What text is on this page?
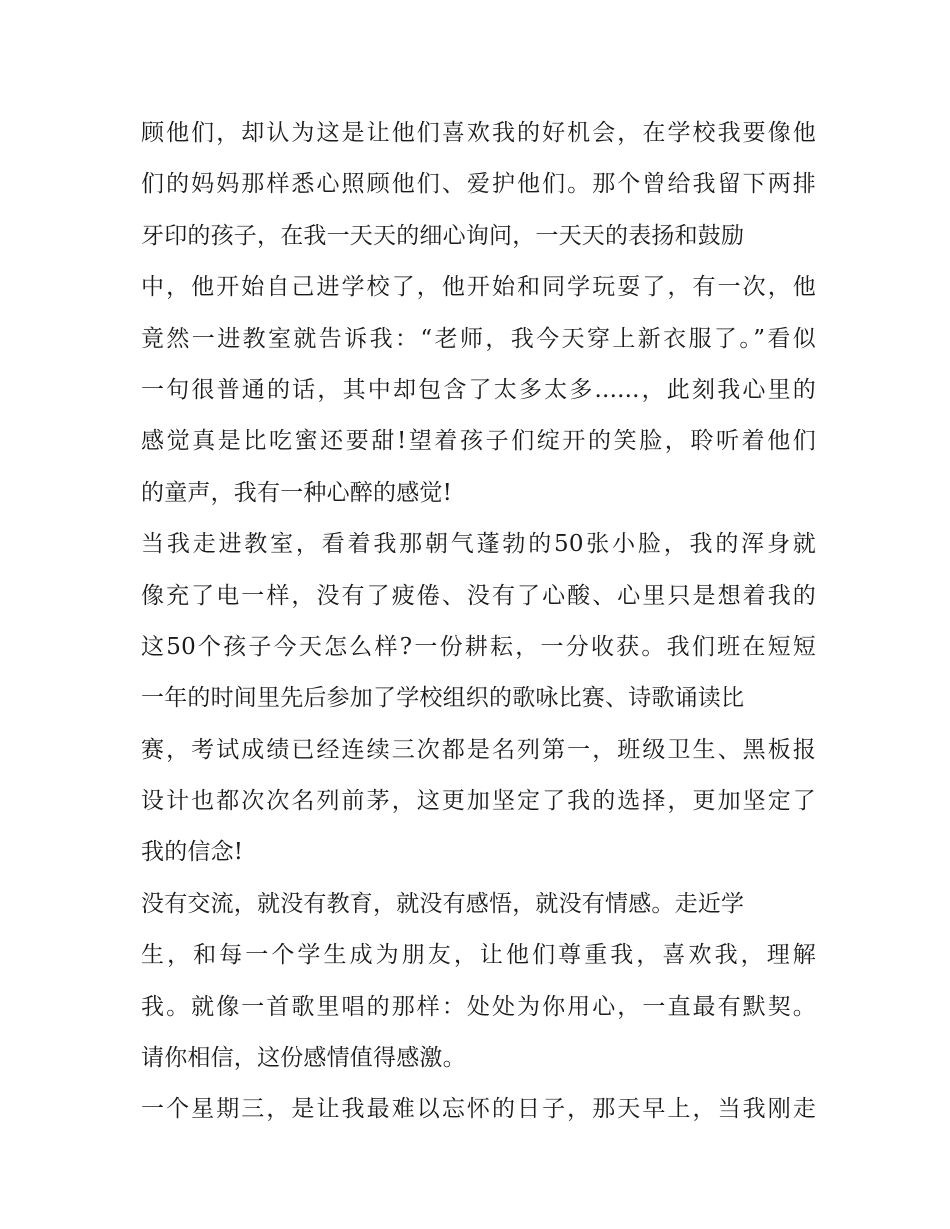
顾他们，却认为这是让他们喜欢我的好机会，在学校我要像他
们的妈妈那样悉心照顾他们、爱护他们。那个曾给我留下两排
牙印的孩子，在我一天天的细心询问，一天天的表扬和鼓励
中，他开始自己进学校了，他开始和同学玩耍了，有一次，他
竟然一进教室就告诉我：“老师，我今天穿上新衣服了。”看似
一句很普通的话，其中却包含了太多太多......，此刻我心里的
感觉真是比吃蜜还要甜!望着孩子们绽开的笑脸，聆听着他们
的童声，我有一种心醉的感觉!
当我走进教室，看着我那朝气蓬勃的50张小脸，我的浑身就
像充了电一样，没有了疲倦、没有了心酸、心里只是想着我的
这50个孩子今天怎么样?一份耕耘，一分收获。我们班在短短
一年的时间里先后参加了学校组织的歌咏比赛、诗歌诵读比
赛，考试成绩已经连续三次都是名列第一，班级卫生、黑板报
设计也都次次名列前茅，这更加坚定了我的选择，更加坚定了
我的信念!
没有交流，就没有教育，就没有感悟，就没有情感。走近学
生，和每一个学生成为朋友，让他们尊重我，喜欢我，理解
我。就像一首歌里唱的那样：处处为你用心，一直最有默契。
请你相信，这份感情值得感激。
一个星期三，是让我最难以忘怀的日子，那天早上，当我刚走
